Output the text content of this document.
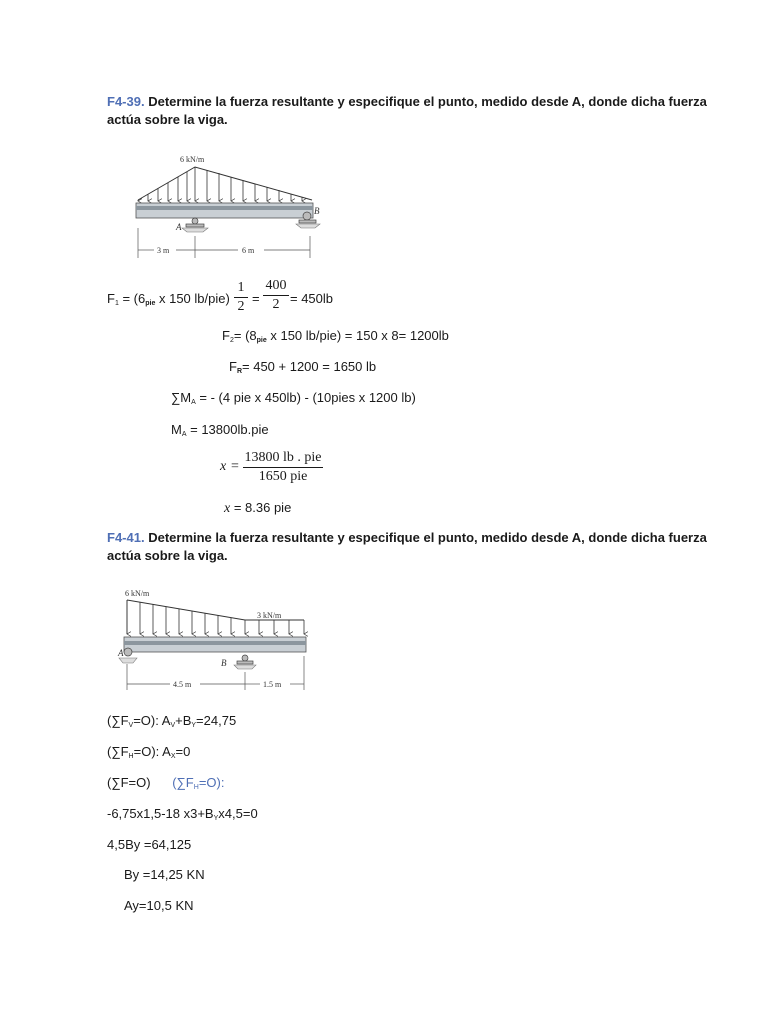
F4-39. Determine la fuerza resultante y especifique el punto, medido desde A, donde dicha fuerza
actúa sobre la viga.
6 kN/m
A
B
3 m	6 m
$F_1 = (6_{pie}$ x 150 lb/pie)
1
2
=
400
2 = 450lb
$F_2= (8_{pie}$ x 150 lb/pie) = 150 x 8= 1200lb
$F_R= 450 + 1200 = 1650$ lb
$\sum M_A$ = - (4 pie x 450lb) - (10pies x 1200 lb)
$M_A = 13800lb.pie$
x =
13800 lb . pie
1650 pie
x = 8.36 pie
F4-41. Determine la fuerza resultante y especifique el punto, medido desde A, donde dicha fuerza
actúa sobre la viga.
6 kN/m
3 kN/m
A
B
4.5 m	1.5 m
$(\sum F_V=O)$: $A_V+B_Y=24,75$
$(\sum F_H=O)$: $A_X=0$
(∑F=O) $(\sum F_H=O)$:
-6,75x1,5-18 $x3+B_Yx4,5=0$
4,5By =64,125
By =14,25 KN
Ay=10,5 KN
